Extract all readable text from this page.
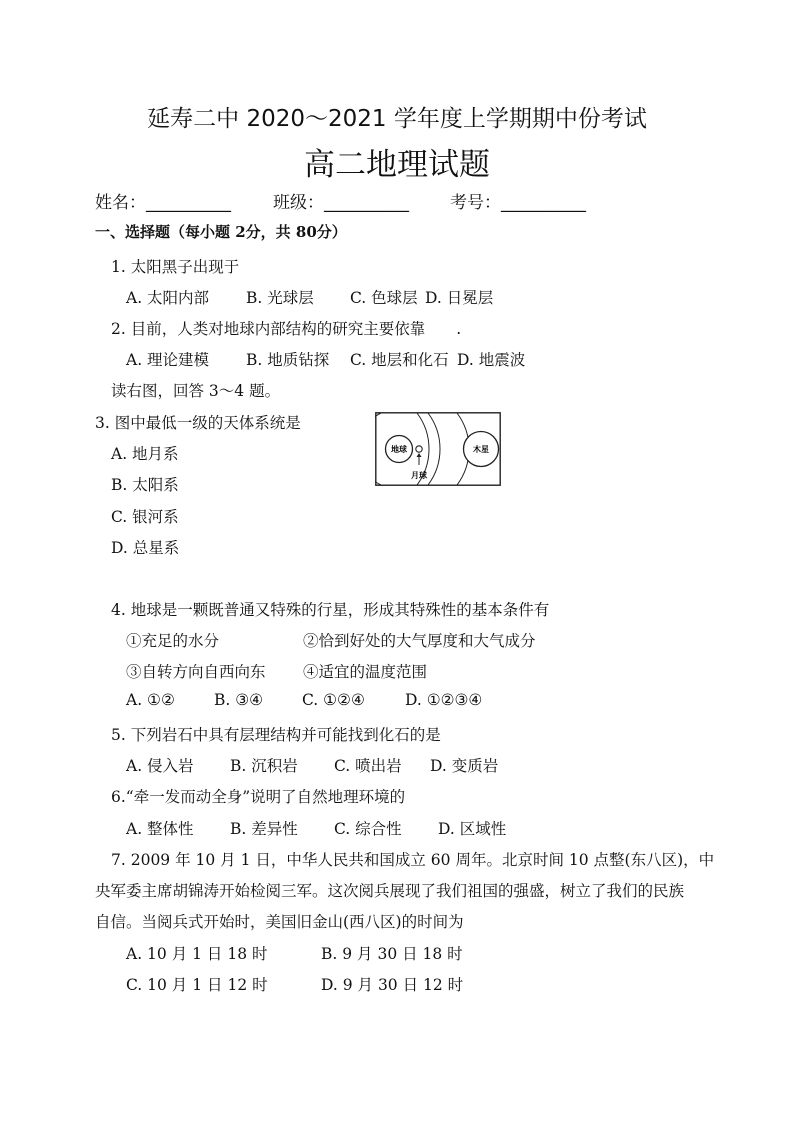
延寿二中 2020～2021 学年度上学期期中份考试
高二地理试题
姓名：__________ 班级：__________ 考号：__________
一、选择题（每小题 2分，共 80分）
1. 太阳黑子出现于
A. 太阳内部 B. 光球层 C. 色球层 D. 日冕层
2. 目前，人类对地球内部结构的研究主要依靠　　.
A. 理论建模 B. 地质钻探 C. 地层和化石 D. 地震波
读右图，回答 3～4 题。
3. 图中最低一级的天体系统是
A. 地月系
B. 太阳系
C. 银河系
D. 总星系
地球
月球
木星
4. 地球是一颗既普通又特殊的行星，形成其特殊性的基本条件有
①充足的水分	②恰到好处的大气厚度和大气成分
③自转方向自西向东 ④适宜的温度范围
A. ①②	B. ③④	C. ①②④	D. ①②③④
5. 下列岩石中具有层理结构并可能找到化石的是
A. 侵入岩 B. 沉积岩 C. 喷出岩 D. 变质岩
6.“牵一发而动全身”说明了自然地理环境的
A. 整体性 B. 差异性 C. 综合性 D. 区域性
7. 2009 年 10 月 1 日，中华人民共和国成立 60 周年。北京时间 10 点整(东八区)，中
央军委主席胡锦涛开始检阅三军。这次阅兵展现了我们祖国的强盛，树立了我们的民族
自信。当阅兵式开始时，美国旧金山(西八区)的时间为
A. 10 月 1 日 18 时	B. 9 月 30 日 18 时
C. 10 月 1 日 12 时	D. 9 月 30 日 12 时
